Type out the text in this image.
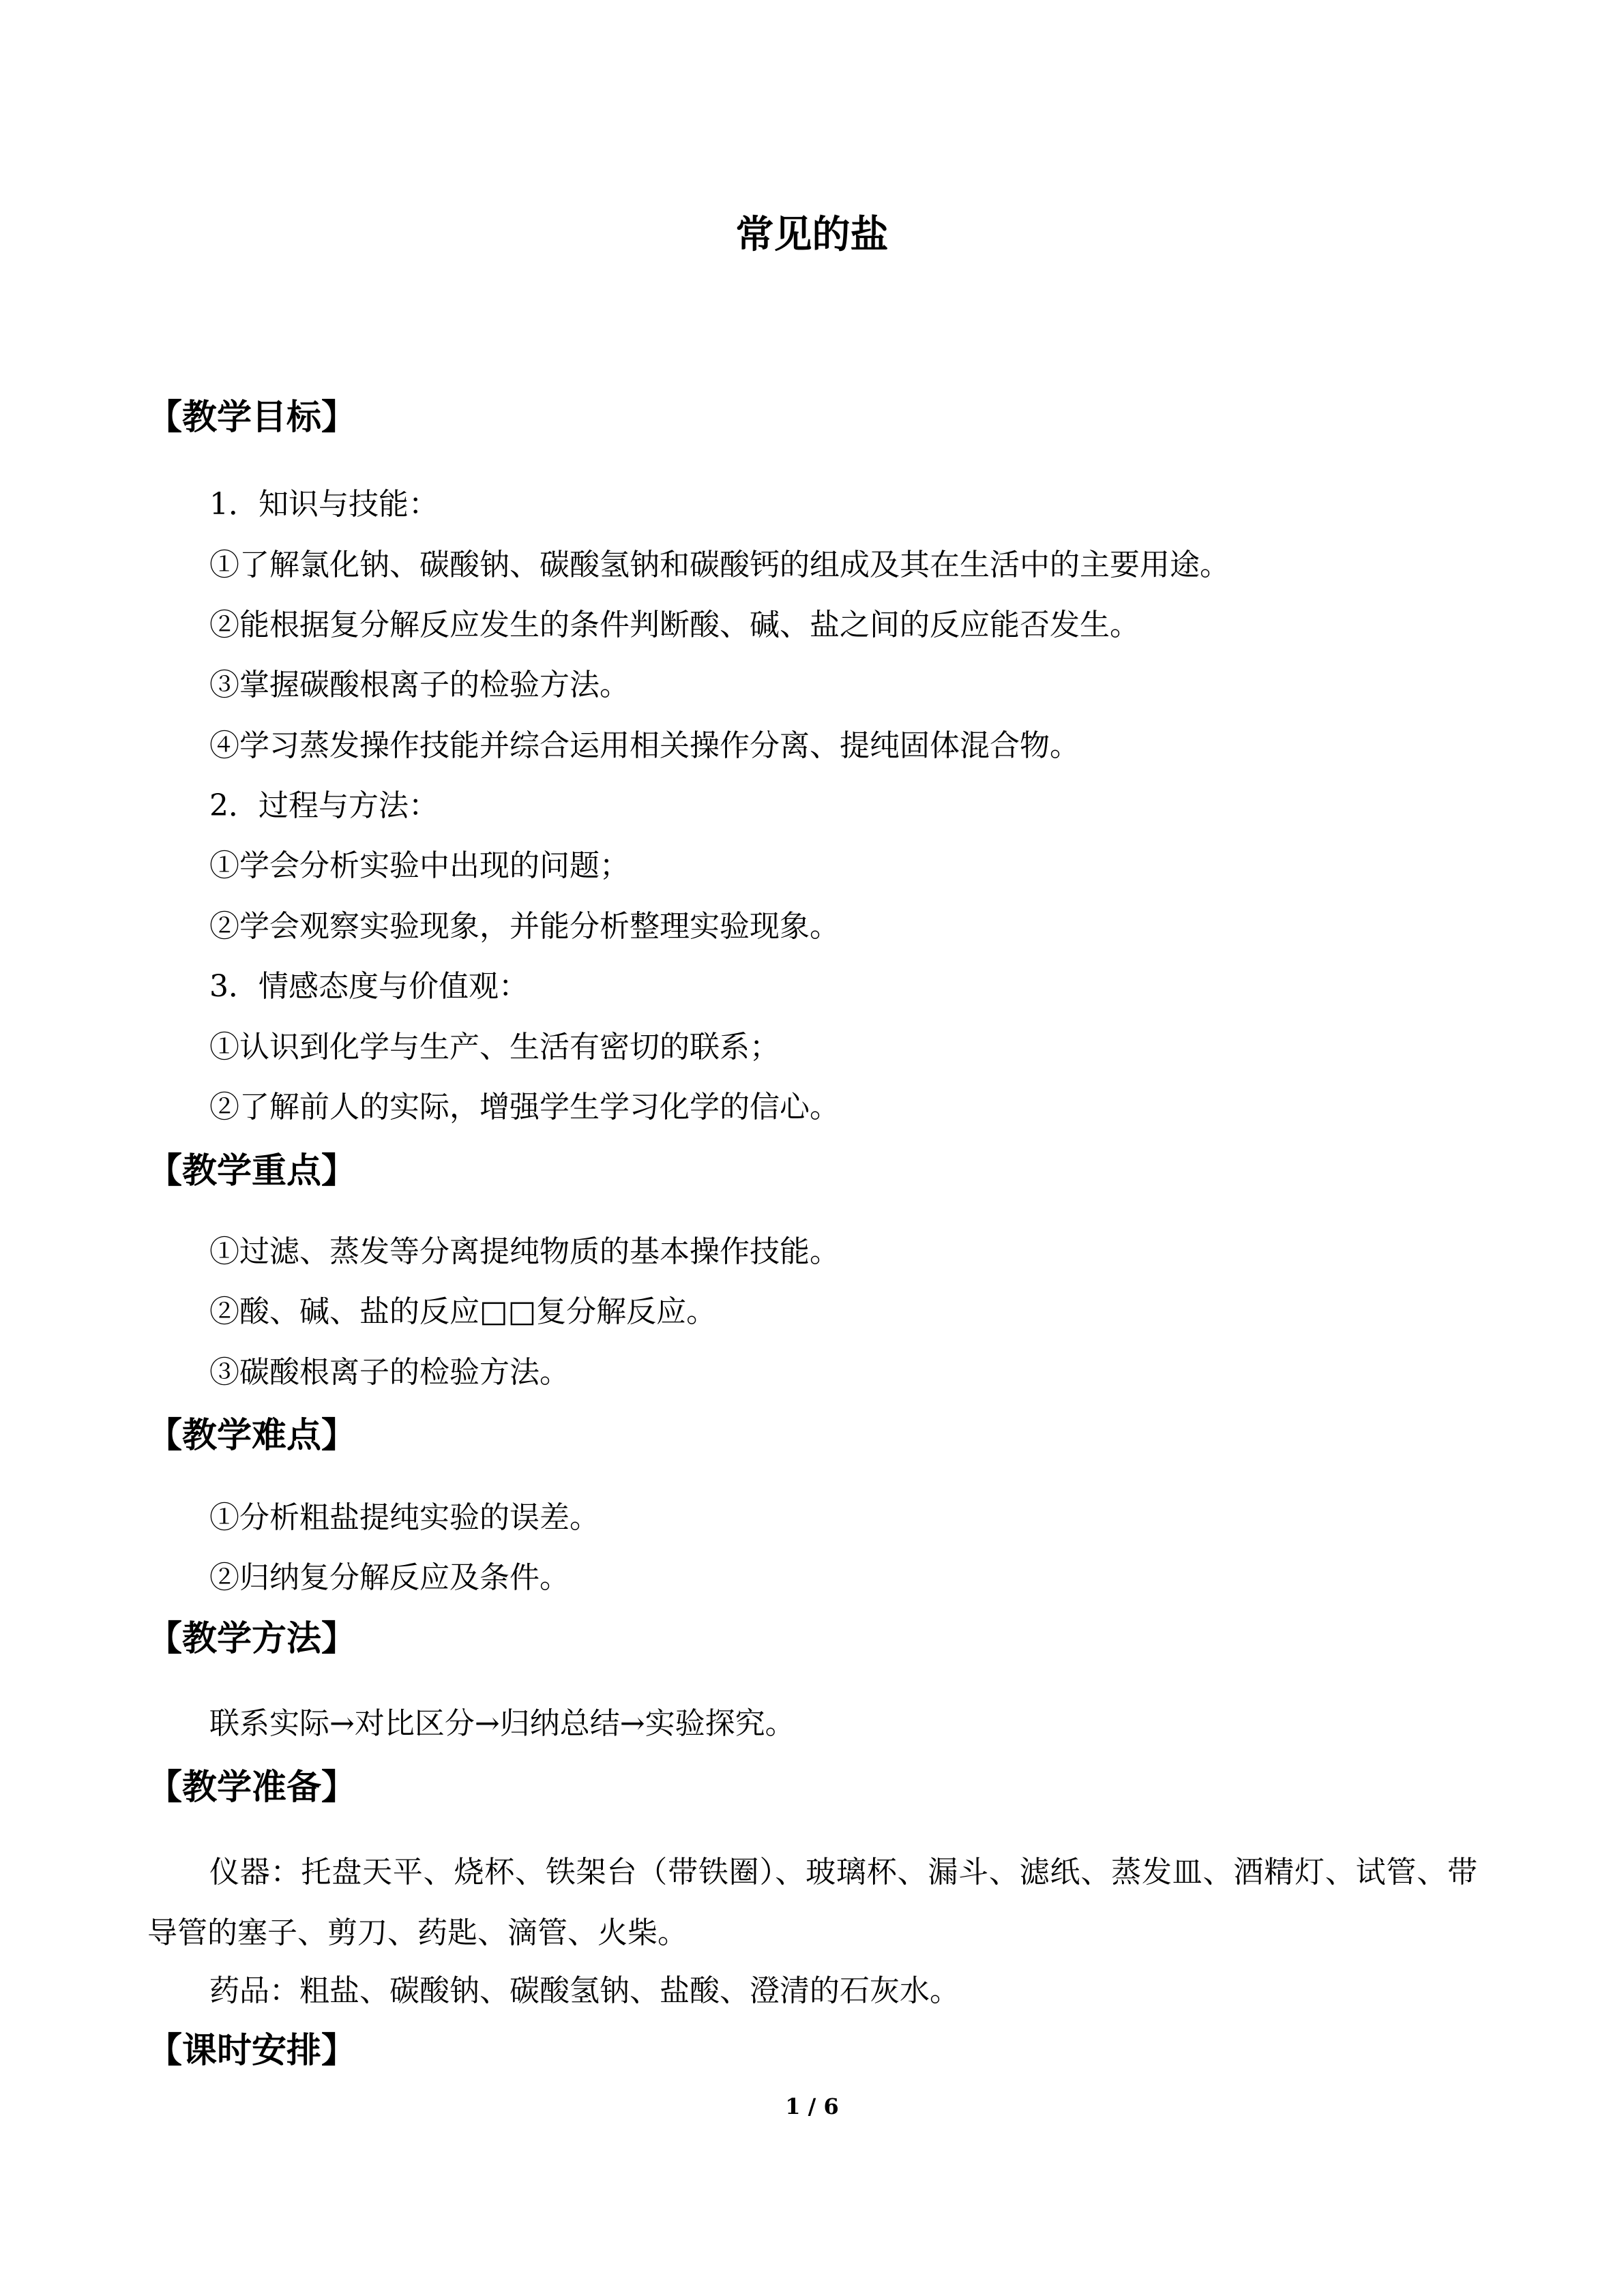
常见的盐
【教学目标】
1．知识与技能：
①了解氯化钠、碳酸钠、碳酸氢钠和碳酸钙的组成及其在生活中的主要用途。
②能根据复分解反应发生的条件判断酸、碱、盐之间的反应能否发生。
③掌握碳酸根离子的检验方法。
④学习蒸发操作技能并综合运用相关操作分离、提纯固体混合物。
2．过程与方法：
①学会分析实验中出现的问题；
②学会观察实验现象，并能分析整理实验现象。
3．情感态度与价值观：
①认识到化学与生产、生活有密切的联系；
②了解前人的实际，增强学生学习化学的信心。
【教学重点】
①过滤、蒸发等分离提纯物质的基本操作技能。
②酸、碱、盐的反应□□复分解反应。
③碳酸根离子的检验方法。
【教学难点】
①分析粗盐提纯实验的误差。
②归纳复分解反应及条件。
【教学方法】
联系实际→对比区分→归纳总结→实验探究。
【教学准备】
仪器：托盘天平、烧杯、铁架台（带铁圈）、玻璃杯、漏斗、滤纸、蒸发皿、酒精灯、试管、带导管的塞子、剪刀、药匙、滴管、火柴。
药品：粗盐、碳酸钠、碳酸氢钠、盐酸、澄清的石灰水。
【课时安排】
1 / 6
